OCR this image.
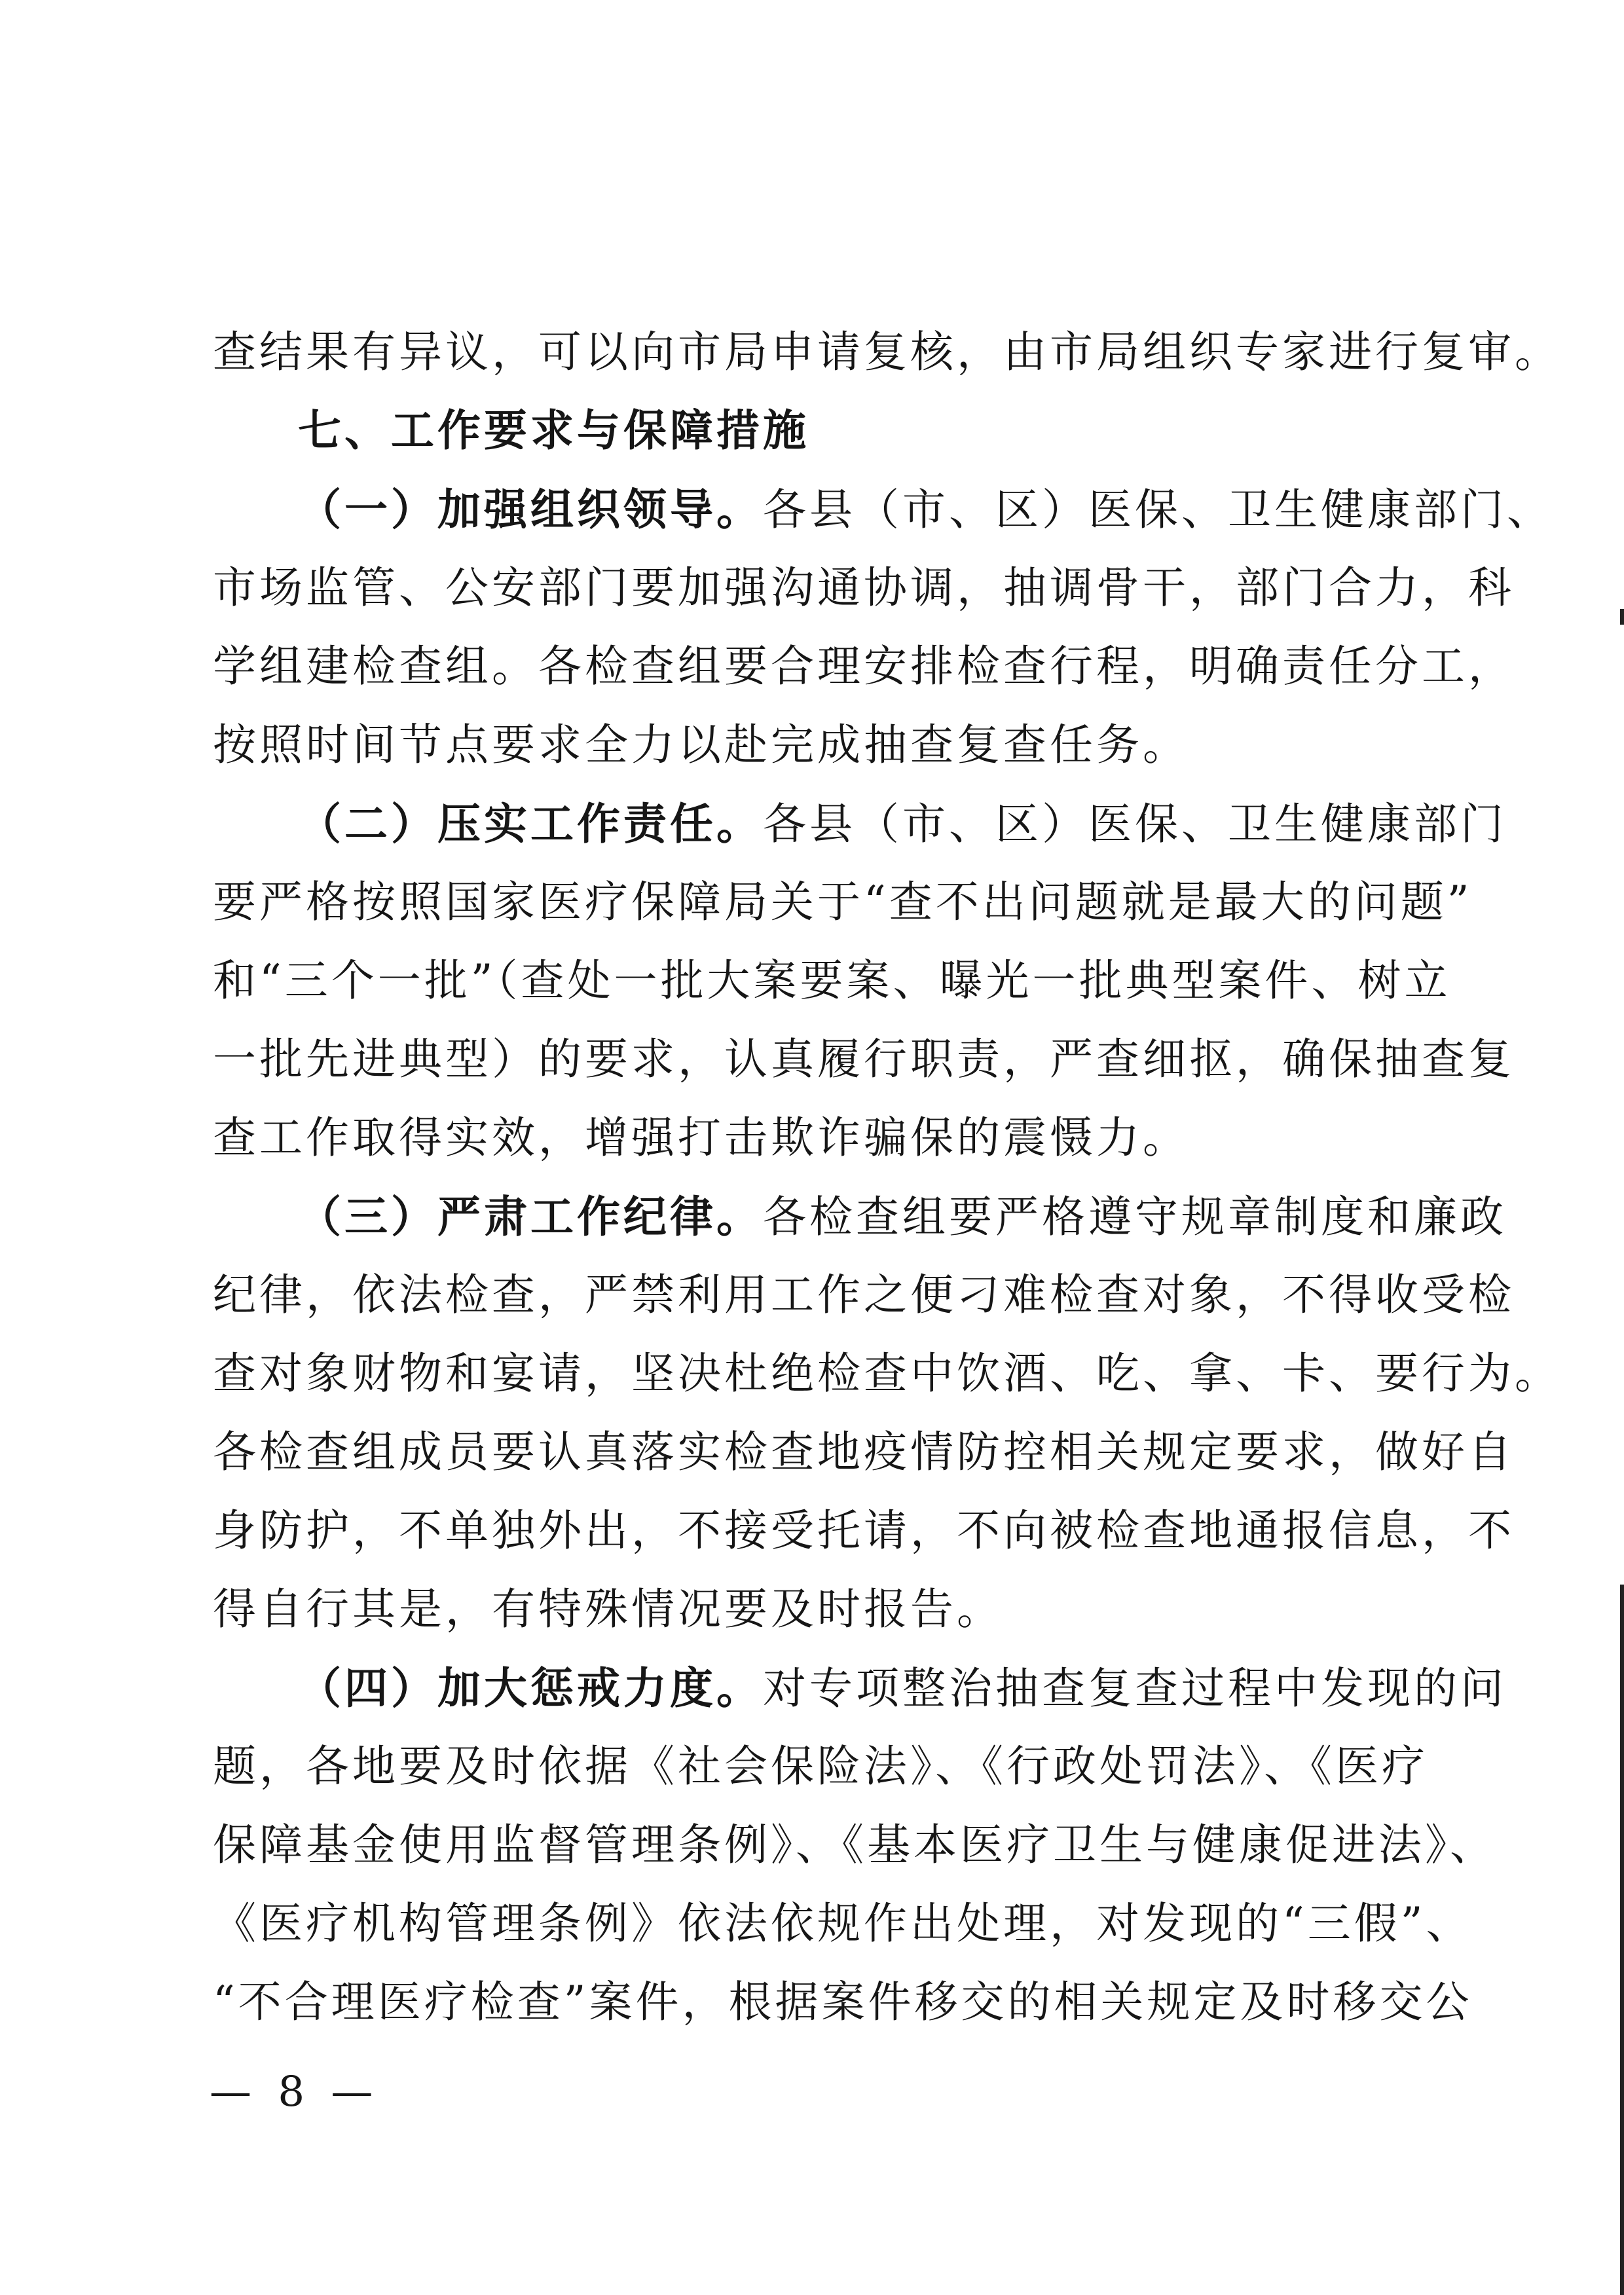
查结果有异议，可以向市局申请复核，由市局组织专家进行复审。
七、工作要求与保障措施
（一）加强组织领导。各县（市、区）医保、卫生健康部门、
市场监管、公安部门要加强沟通协调，抽调骨干，部门合力，科
学组建检查组。各检查组要合理安排检查行程，明确责任分工，
按照时间节点要求全力以赴完成抽查复查任务。
（二）压实工作责任。各县（市、区）医保、卫生健康部门
要严格按照国家医疗保障局关于“查不出问题就是最大的问题”
和“三个一批”（查处一批大案要案、曝光一批典型案件、树立
一批先进典型）的要求，认真履行职责，严查细抠，确保抽查复
查工作取得实效，增强打击欺诈骗保的震慑力。
（三）严肃工作纪律。各检查组要严格遵守规章制度和廉政
纪律，依法检查，严禁利用工作之便刁难检查对象，不得收受检
查对象财物和宴请，坚决杜绝检查中饮酒、吃、拿、卡、要行为。
各检查组成员要认真落实检查地疫情防控相关规定要求，做好自
身防护，不单独外出，不接受托请，不向被检查地通报信息，不
得自行其是，有特殊情况要及时报告。
（四）加大惩戒力度。对专项整治抽查复查过程中发现的问
题，各地要及时依据《社会保险法》、《行政处罚法》、《医疗
保障基金使用监督管理条例》、《基本医疗卫生与健康促进法》、
《医疗机构管理条例》依法依规作出处理，对发现的“三假”、
“不合理医疗检查”案件，根据案件移交的相关规定及时移交公
— 8 —
